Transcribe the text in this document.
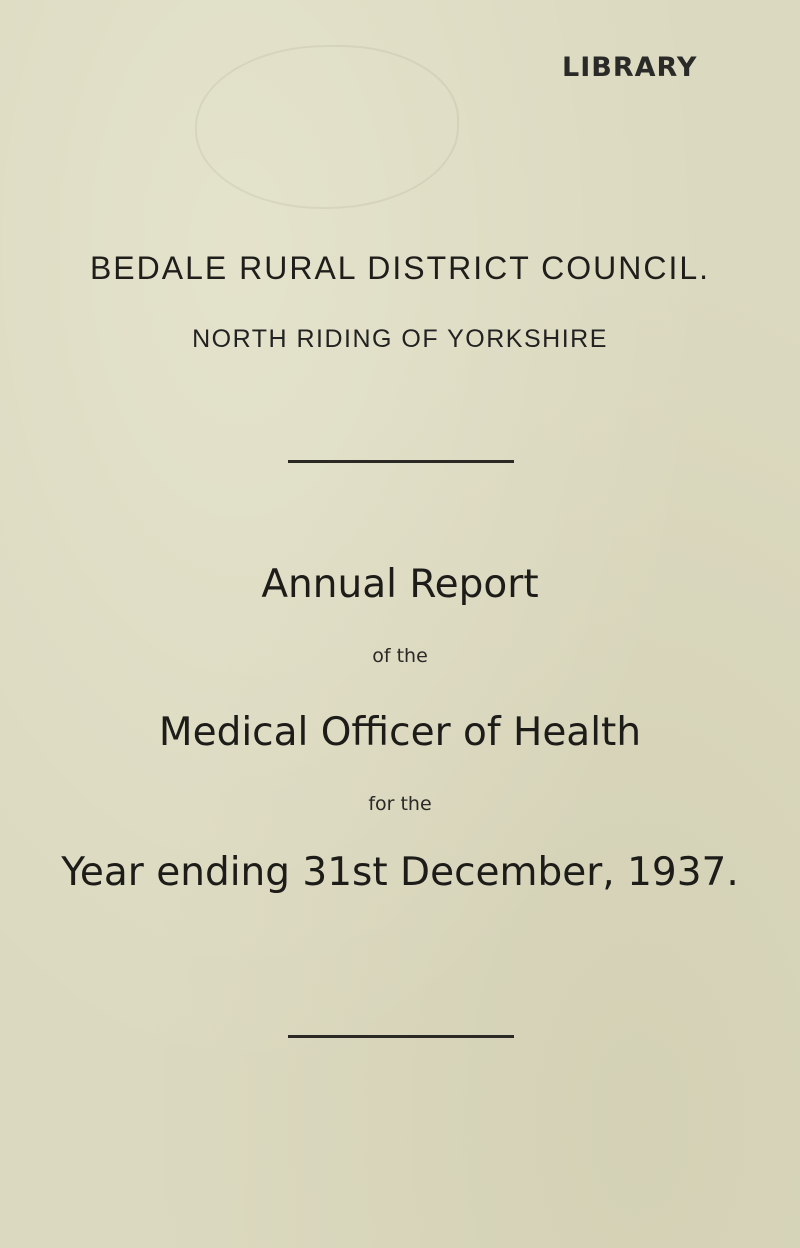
LIBRARY
BEDALE RURAL DISTRICT COUNCIL.
NORTH RIDING OF YORKSHIRE
Annual Report
of the
Medical Officer of Health
for the
Year ending 31st December, 1937.
